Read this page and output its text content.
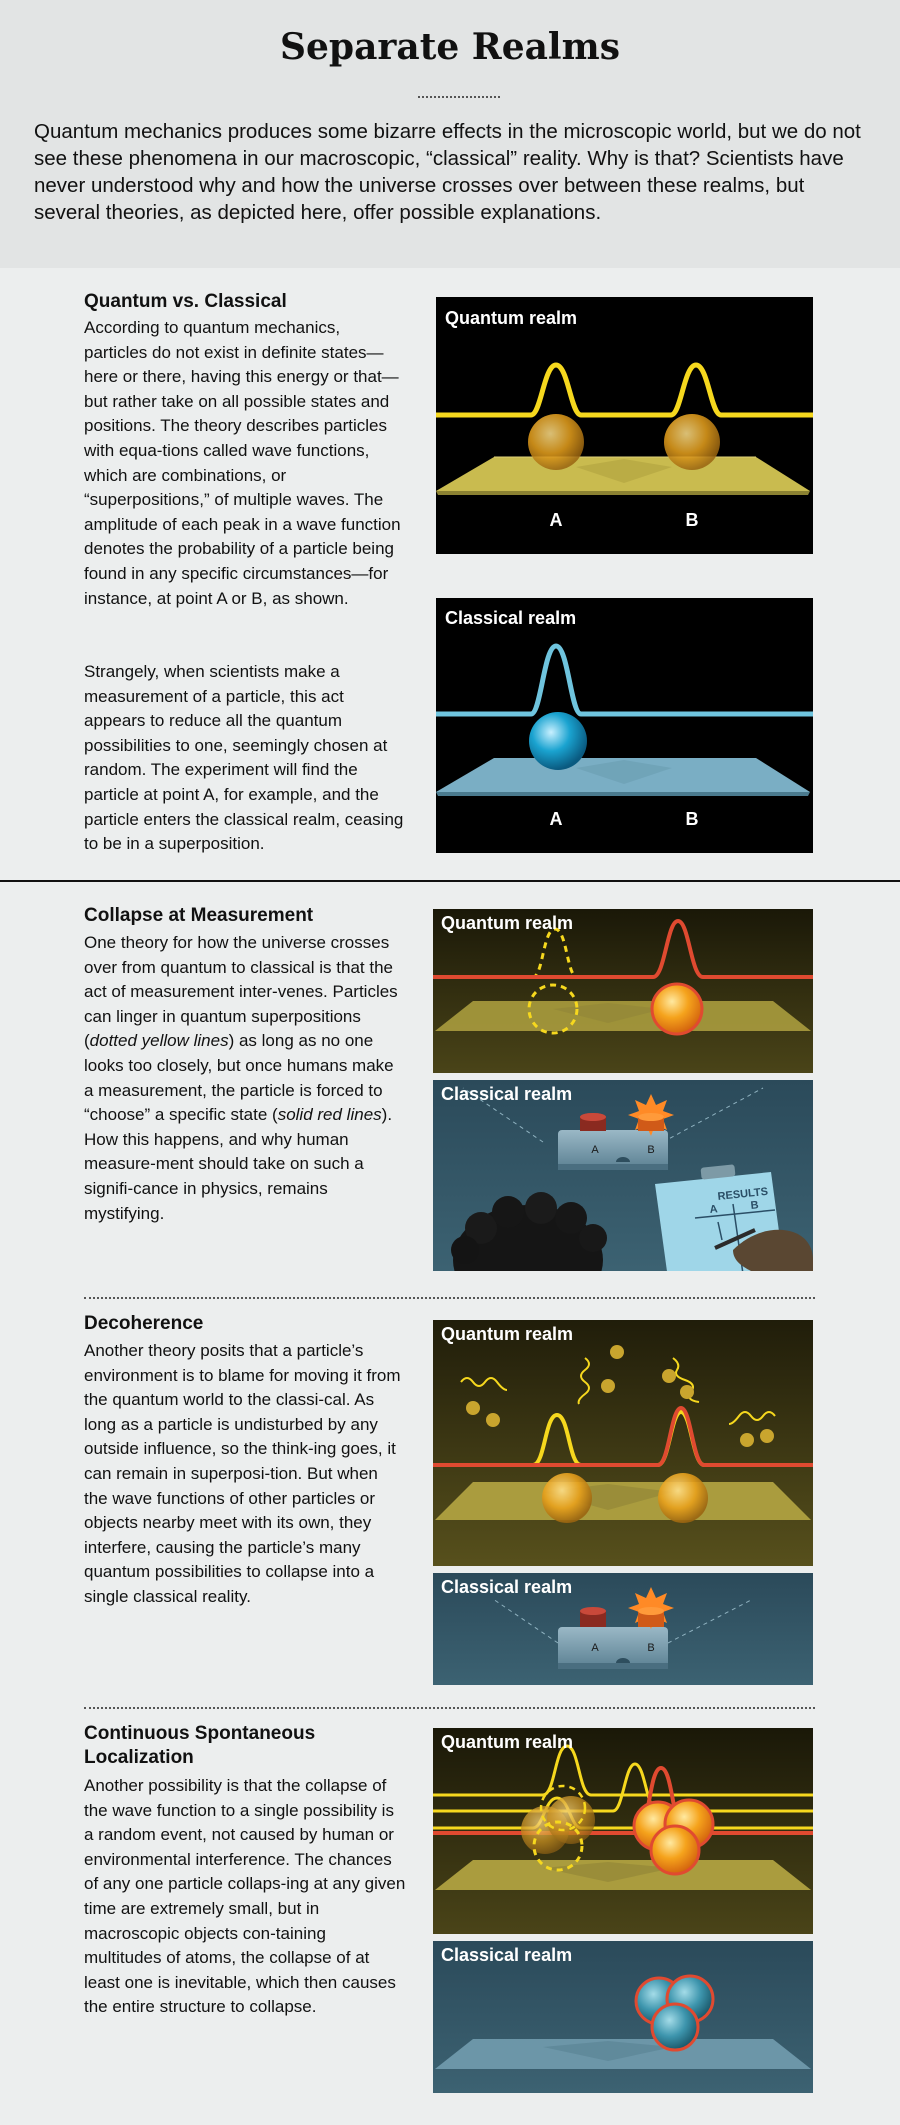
Separate Realms

Quantum mechanics produces some bizarre effects in the microscopic world, but we do not see these phenomena in our macroscopic, “classical” reality. Why is that? Scientists have never understood why and how the universe crosses over between these realms, but several theories, as depicted here, offer possible explanations.

Quantum vs. Classical

According to quantum mechanics, particles do not exist in definite states—here or there, having this energy or that—but rather take on all possible states and positions. The theory describes particles with equa-tions called wave functions, which are combinations, or “superpositions,” of multiple waves. The amplitude of each peak in a wave function denotes the probability of a particle being found in any specific circumstances—for instance, at point A or B, as shown.

Strangely, when scientists make a measurement of a particle, this act appears to reduce all the quantum possibilities to one, seemingly chosen at random. The experiment will find the particle at point A, for example, and the particle enters the classical realm, ceasing to be in a superposition.

Quantum realm
A	B
Classical realm
A	B
Collapse at Measurement

One theory for how the universe crosses over from quantum to classical is that the act of measurement inter-venes. Particles can linger in quantum superpositions (dotted yellow lines) as long as no one looks too closely, but once humans make a measurement, the particle is forced to “choose” a specific state (solid red lines). How this happens, and why human measure-ment should take on such a signifi-cance in physics, remains mystifying.

Quantum realm
A	B
RESULTS
A	B
Classical realm
Decoherence

Another theory posits that a particle’s environment is to blame for moving it from the quantum world to the classi-cal. As long as a particle is undisturbed by any outside influence, so the think-ing goes, it can remain in superposi-tion. But when the wave functions of other particles or objects nearby meet with its own, they interfere, causing the particle’s many quantum possibilities to collapse into a single classical reality.

Quantum realm
A	B
Classical realm
Continuous Spontaneous Localization

Another possibility is that the collapse of the wave function to a single possibility is a random event, not caused by human or environmental interference. The chances of any one particle collaps-ing at any given time are extremely small, but in macroscopic objects con-taining multitudes of atoms, the collapse of at least one is inevitable, which then causes the entire structure to collapse.

Quantum realm
Classical realm
